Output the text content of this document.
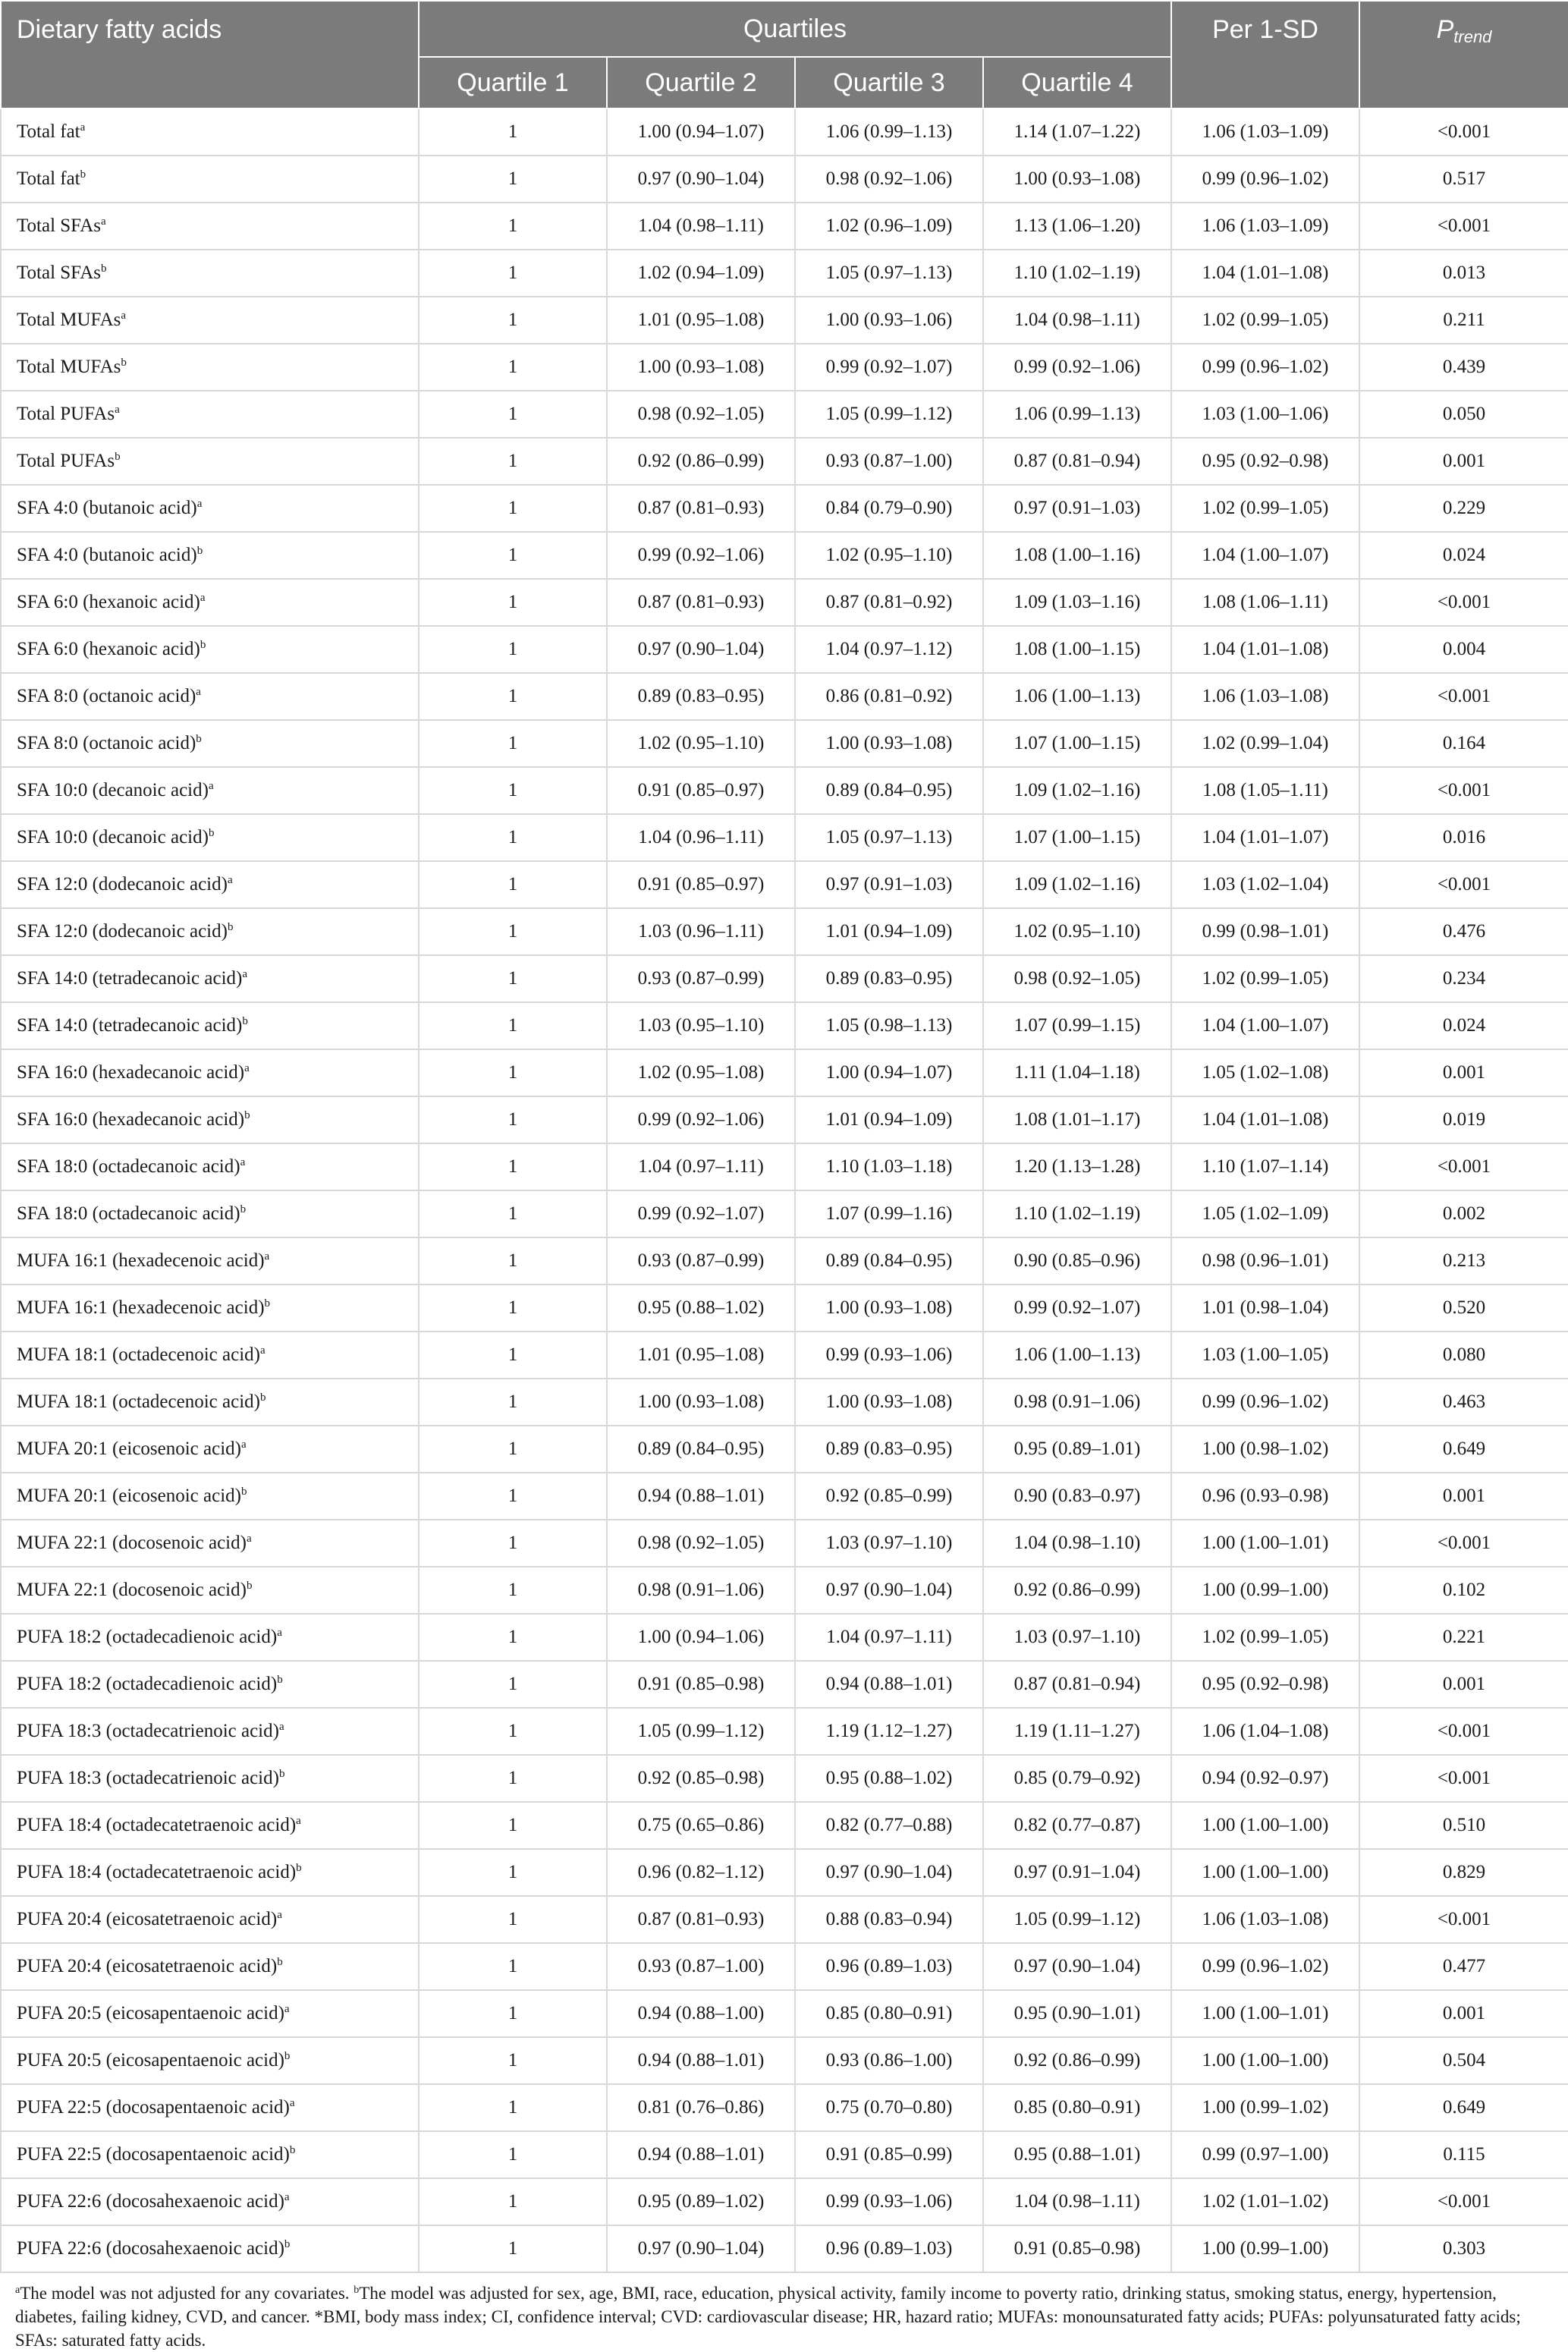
Dietary fatty acids	Quartiles				Per 1-SD	$P_{trend}$
	Quartile 1	Quartile 2	Quartile 3	Quartile 4		
Total fat$^a$	1	1.00 (0.94–1.07)	1.06 (0.99–1.13)	1.14 (1.07–1.22)	1.06 (1.03–1.09)	<0.001
Total fat$^b$	1	0.97 (0.90–1.04)	0.98 (0.92–1.06)	1.00 (0.93–1.08)	0.99 (0.96–1.02)	0.517
Total SFAs$^a$	1	1.04 (0.98–1.11)	1.02 (0.96–1.09)	1.13 (1.06–1.20)	1.06 (1.03–1.09)	<0.001
Total SFAs$^b$	1	1.02 (0.94–1.09)	1.05 (0.97–1.13)	1.10 (1.02–1.19)	1.04 (1.01–1.08)	0.013
Total MUFAs$^a$	1	1.01 (0.95–1.08)	1.00 (0.93–1.06)	1.04 (0.98–1.11)	1.02 (0.99–1.05)	0.211
Total MUFAs$^b$	1	1.00 (0.93–1.08)	0.99 (0.92–1.07)	0.99 (0.92–1.06)	0.99 (0.96–1.02)	0.439
Total PUFAs$^a$	1	0.98 (0.92–1.05)	1.05 (0.99–1.12)	1.06 (0.99–1.13)	1.03 (1.00–1.06)	0.050
Total PUFAs$^b$	1	0.92 (0.86–0.99)	0.93 (0.87–1.00)	0.87 (0.81–0.94)	0.95 (0.92–0.98)	0.001
SFA 4:0 (butanoic acid)$^a$	1	0.87 (0.81–0.93)	0.84 (0.79–0.90)	0.97 (0.91–1.03)	1.02 (0.99–1.05)	0.229
SFA 4:0 (butanoic acid)$^b$	1	0.99 (0.92–1.06)	1.02 (0.95–1.10)	1.08 (1.00–1.16)	1.04 (1.00–1.07)	0.024
SFA 6:0 (hexanoic acid)$^a$	1	0.87 (0.81–0.93)	0.87 (0.81–0.92)	1.09 (1.03–1.16)	1.08 (1.06–1.11)	<0.001
SFA 6:0 (hexanoic acid)$^b$	1	0.97 (0.90–1.04)	1.04 (0.97–1.12)	1.08 (1.00–1.15)	1.04 (1.01–1.08)	0.004
SFA 8:0 (octanoic acid)$^a$	1	0.89 (0.83–0.95)	0.86 (0.81–0.92)	1.06 (1.00–1.13)	1.06 (1.03–1.08)	<0.001
SFA 8:0 (octanoic acid)$^b$	1	1.02 (0.95–1.10)	1.00 (0.93–1.08)	1.07 (1.00–1.15)	1.02 (0.99–1.04)	0.164
SFA 10:0 (decanoic acid)$^a$	1	0.91 (0.85–0.97)	0.89 (0.84–0.95)	1.09 (1.02–1.16)	1.08 (1.05–1.11)	<0.001
SFA 10:0 (decanoic acid)$^b$	1	1.04 (0.96–1.11)	1.05 (0.97–1.13)	1.07 (1.00–1.15)	1.04 (1.01–1.07)	0.016
SFA 12:0 (dodecanoic acid)$^a$	1	0.91 (0.85–0.97)	0.97 (0.91–1.03)	1.09 (1.02–1.16)	1.03 (1.02–1.04)	<0.001
SFA 12:0 (dodecanoic acid)$^b$	1	1.03 (0.96–1.11)	1.01 (0.94–1.09)	1.02 (0.95–1.10)	0.99 (0.98–1.01)	0.476
SFA 14:0 (tetradecanoic acid)$^a$	1	0.93 (0.87–0.99)	0.89 (0.83–0.95)	0.98 (0.92–1.05)	1.02 (0.99–1.05)	0.234
SFA 14:0 (tetradecanoic acid)$^b$	1	1.03 (0.95–1.10)	1.05 (0.98–1.13)	1.07 (0.99–1.15)	1.04 (1.00–1.07)	0.024
SFA 16:0 (hexadecanoic acid)$^a$	1	1.02 (0.95–1.08)	1.00 (0.94–1.07)	1.11 (1.04–1.18)	1.05 (1.02–1.08)	0.001
SFA 16:0 (hexadecanoic acid)$^b$	1	0.99 (0.92–1.06)	1.01 (0.94–1.09)	1.08 (1.01–1.17)	1.04 (1.01–1.08)	0.019
SFA 18:0 (octadecanoic acid)$^a$	1	1.04 (0.97–1.11)	1.10 (1.03–1.18)	1.20 (1.13–1.28)	1.10 (1.07–1.14)	<0.001
SFA 18:0 (octadecanoic acid)$^b$	1	0.99 (0.92–1.07)	1.07 (0.99–1.16)	1.10 (1.02–1.19)	1.05 (1.02–1.09)	0.002
MUFA 16:1 (hexadecenoic acid)$^a$	1	0.93 (0.87–0.99)	0.89 (0.84–0.95)	0.90 (0.85–0.96)	0.98 (0.96–1.01)	0.213
MUFA 16:1 (hexadecenoic acid)$^b$	1	0.95 (0.88–1.02)	1.00 (0.93–1.08)	0.99 (0.92–1.07)	1.01 (0.98–1.04)	0.520
MUFA 18:1 (octadecenoic acid)$^a$	1	1.01 (0.95–1.08)	0.99 (0.93–1.06)	1.06 (1.00–1.13)	1.03 (1.00–1.05)	0.080
MUFA 18:1 (octadecenoic acid)$^b$	1	1.00 (0.93–1.08)	1.00 (0.93–1.08)	0.98 (0.91–1.06)	0.99 (0.96–1.02)	0.463
MUFA 20:1 (eicosenoic acid)$^a$	1	0.89 (0.84–0.95)	0.89 (0.83–0.95)	0.95 (0.89–1.01)	1.00 (0.98–1.02)	0.649
MUFA 20:1 (eicosenoic acid)$^b$	1	0.94 (0.88–1.01)	0.92 (0.85–0.99)	0.90 (0.83–0.97)	0.96 (0.93–0.98)	0.001
MUFA 22:1 (docosenoic acid)$^a$	1	0.98 (0.92–1.05)	1.03 (0.97–1.10)	1.04 (0.98–1.10)	1.00 (1.00–1.01)	<0.001
MUFA 22:1 (docosenoic acid)$^b$	1	0.98 (0.91–1.06)	0.97 (0.90–1.04)	0.92 (0.86–0.99)	1.00 (0.99–1.00)	0.102
PUFA 18:2 (octadecadienoic acid)$^a$	1	1.00 (0.94–1.06)	1.04 (0.97–1.11)	1.03 (0.97–1.10)	1.02 (0.99–1.05)	0.221
PUFA 18:2 (octadecadienoic acid)$^b$	1	0.91 (0.85–0.98)	0.94 (0.88–1.01)	0.87 (0.81–0.94)	0.95 (0.92–0.98)	0.001
PUFA 18:3 (octadecatrienoic acid)$^a$	1	1.05 (0.99–1.12)	1.19 (1.12–1.27)	1.19 (1.11–1.27)	1.06 (1.04–1.08)	<0.001
PUFA 18:3 (octadecatrienoic acid)$^b$	1	0.92 (0.85–0.98)	0.95 (0.88–1.02)	0.85 (0.79–0.92)	0.94 (0.92–0.97)	<0.001
PUFA 18:4 (octadecatetraenoic acid)$^a$	1	0.75 (0.65–0.86)	0.82 (0.77–0.88)	0.82 (0.77–0.87)	1.00 (1.00–1.00)	0.510
PUFA 18:4 (octadecatetraenoic acid)$^b$	1	0.96 (0.82–1.12)	0.97 (0.90–1.04)	0.97 (0.91–1.04)	1.00 (1.00–1.00)	0.829
PUFA 20:4 (eicosatetraenoic acid)$^a$	1	0.87 (0.81–0.93)	0.88 (0.83–0.94)	1.05 (0.99–1.12)	1.06 (1.03–1.08)	<0.001
PUFA 20:4 (eicosatetraenoic acid)$^b$	1	0.93 (0.87–1.00)	0.96 (0.89–1.03)	0.97 (0.90–1.04)	0.99 (0.96–1.02)	0.477
PUFA 20:5 (eicosapentaenoic acid)$^a$	1	0.94 (0.88–1.00)	0.85 (0.80–0.91)	0.95 (0.90–1.01)	1.00 (1.00–1.01)	0.001
PUFA 20:5 (eicosapentaenoic acid)$^b$	1	0.94 (0.88–1.01)	0.93 (0.86–1.00)	0.92 (0.86–0.99)	1.00 (1.00–1.00)	0.504
PUFA 22:5 (docosapentaenoic acid)$^a$	1	0.81 (0.76–0.86)	0.75 (0.70–0.80)	0.85 (0.80–0.91)	1.00 (0.99–1.02)	0.649
PUFA 22:5 (docosapentaenoic acid)$^b$	1	0.94 (0.88–1.01)	0.91 (0.85–0.99)	0.95 (0.88–1.01)	0.99 (0.97–1.00)	0.115
PUFA 22:6 (docosahexaenoic acid)$^a$	1	0.95 (0.89–1.02)	0.99 (0.93–1.06)	1.04 (0.98–1.11)	1.02 (1.01–1.02)	<0.001
PUFA 22:6 (docosahexaenoic acid)$^b$	1	0.97 (0.90–1.04)	0.96 (0.89–1.03)	0.91 (0.85–0.98)	1.00 (0.99–1.00)	0.303
$^a$The model was not adjusted for any covariates. $^b$The model was adjusted for sex, age, BMI, race, education, physical activity, family income to poverty ratio, drinking status, smoking status, energy, hypertension, diabetes, failing kidney, CVD, and cancer. *BMI, body mass index; CI, confidence interval; CVD: cardiovascular disease; HR, hazard ratio; MUFAs: monounsaturated fatty acids; PUFAs: polyunsaturated fatty acids; SFAs: saturated fatty acids.
